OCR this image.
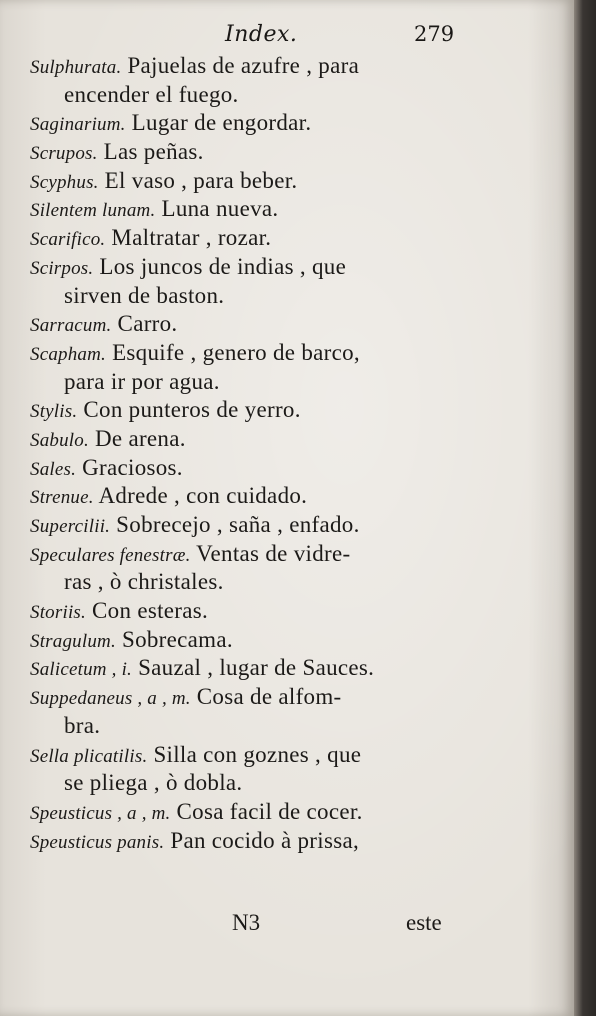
Index.	279
Sulphurata. Pajuelas de azufre , para
encender el fuego.
Saginarium. Lugar de engordar.
Scrupos. Las peñas.
Scyphus. El vaso , para beber.
Silentem lunam. Luna nueva.
Scarifico. Maltratar , rozar.
Scirpos. Los juncos de indias , que
sirven de baston.
Sarracum. Carro.
Scapham. Esquife , genero de barco,
para ir por agua.
Stylis. Con punteros de yerro.
Sabulo. De arena.
Sales. Graciosos.
Strenue. Adrede , con cuidado.
Supercilii. Sobrecejo , saña , enfado.
Speculares fenestræ. Ventas de vidre-
ras , ò christales.
Storiis. Con esteras.
Stragulum. Sobrecama.
Salicetum , i. Sauzal , lugar de Sauces.
Suppedaneus , a , m. Cosa de alfom-
bra.
Sella plicatilis. Silla con goznes , que
se pliega , ò dobla.
Speusticus , a , m. Cosa facil de cocer.
Speusticus panis. Pan cocido à prissa,
N3	este
